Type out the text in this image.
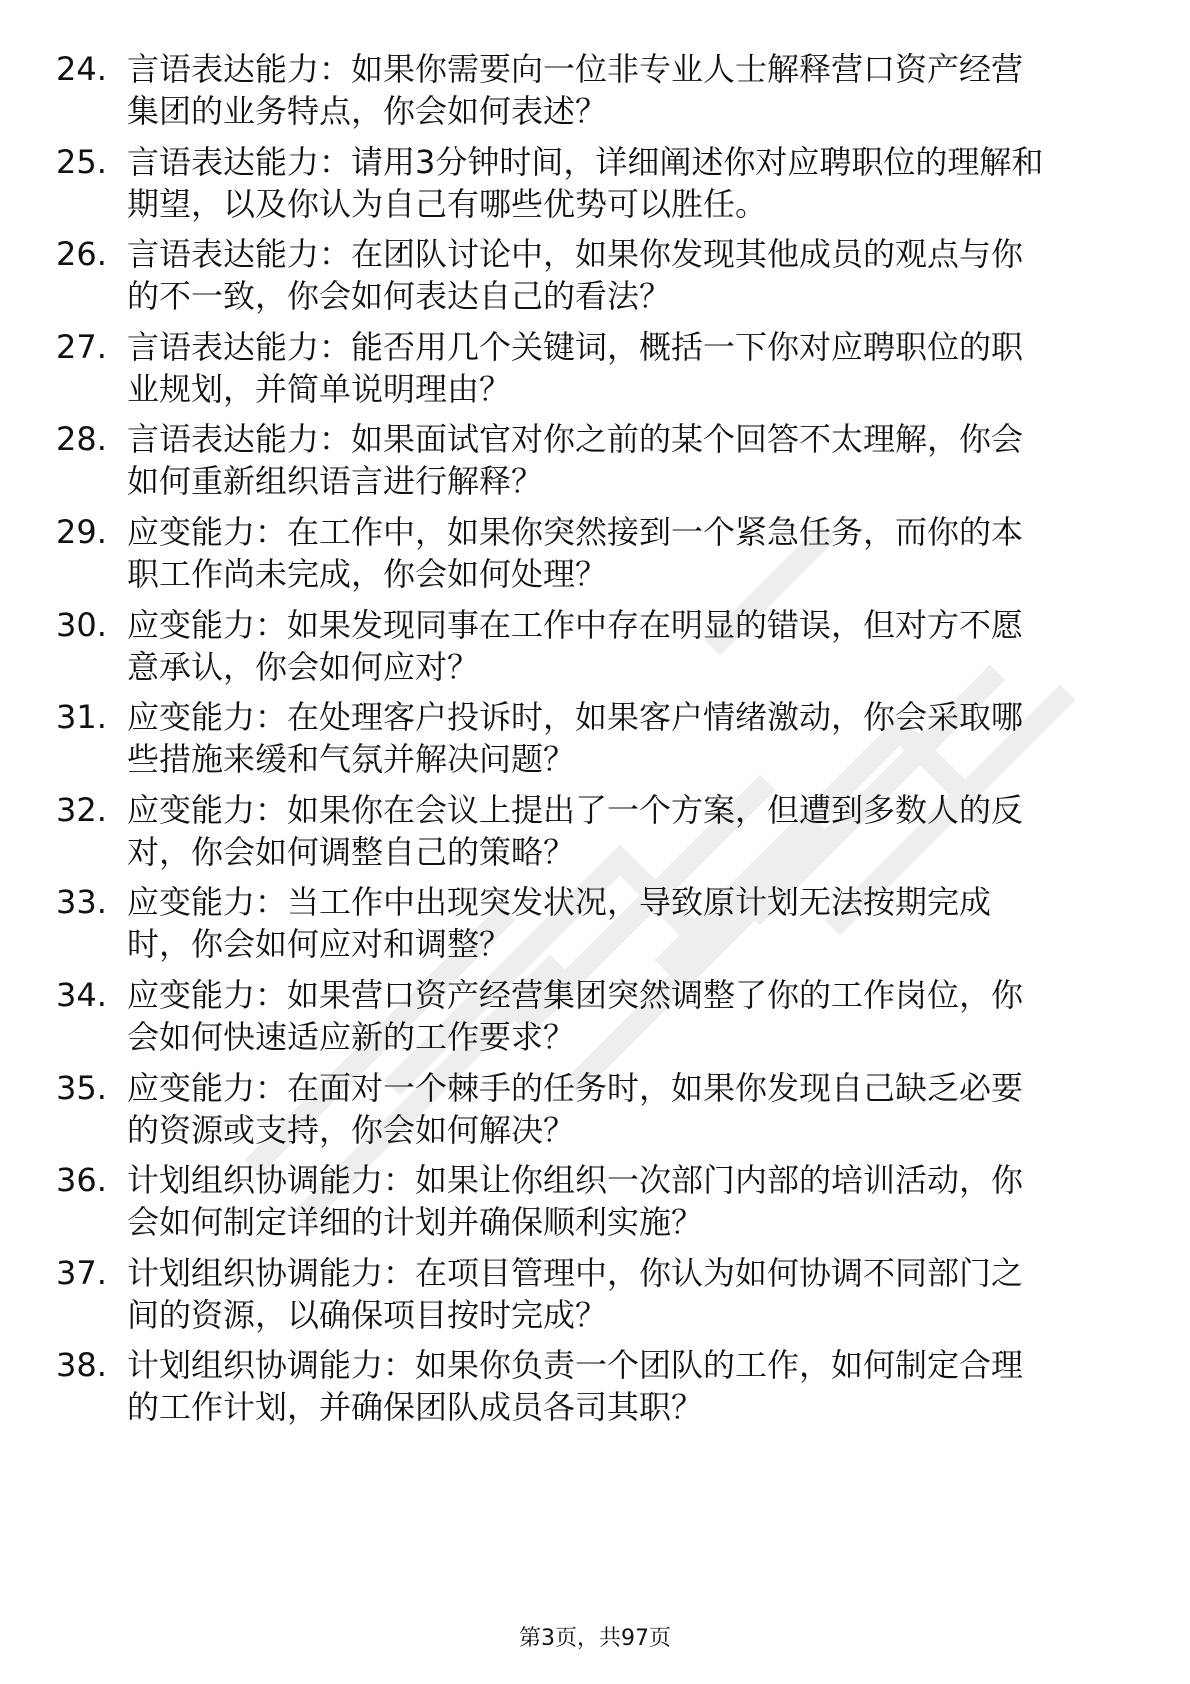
24. 言语表达能力：如果你需要向一位非专业人士解释营口资产经营
集团的业务特点，你会如何表述？
25. 言语表达能力：请用3分钟时间，详细阐述你对应聘职位的理解和
期望，以及你认为自己有哪些优势可以胜任。
26. 言语表达能力：在团队讨论中，如果你发现其他成员的观点与你
的不一致，你会如何表达自己的看法？
27. 言语表达能力：能否用几个关键词，概括一下你对应聘职位的职
业规划，并简单说明理由？
28. 言语表达能力：如果面试官对你之前的某个回答不太理解，你会
如何重新组织语言进行解释？
29. 应变能力：在工作中，如果你突然接到一个紧急任务，而你的本
职工作尚未完成，你会如何处理？
30. 应变能力：如果发现同事在工作中存在明显的错误，但对方不愿
意承认，你会如何应对？
31. 应变能力：在处理客户投诉时，如果客户情绪激动，你会采取哪
些措施来缓和气氛并解决问题？
32. 应变能力：如果你在会议上提出了一个方案，但遭到多数人的反
对，你会如何调整自己的策略？
33. 应变能力：当工作中出现突发状况，导致原计划无法按期完成
时，你会如何应对和调整？
34. 应变能力：如果营口资产经营集团突然调整了你的工作岗位，你
会如何快速适应新的工作要求？
35. 应变能力：在面对一个棘手的任务时，如果你发现自己缺乏必要
的资源或支持，你会如何解决？
36. 计划组织协调能力：如果让你组织一次部门内部的培训活动，你
会如何制定详细的计划并确保顺利实施？
37. 计划组织协调能力：在项目管理中，你认为如何协调不同部门之
间的资源，以确保项目按时完成？
38. 计划组织协调能力：如果你负责一个团队的工作，如何制定合理
的工作计划，并确保团队成员各司其职？
第3页，共97页
